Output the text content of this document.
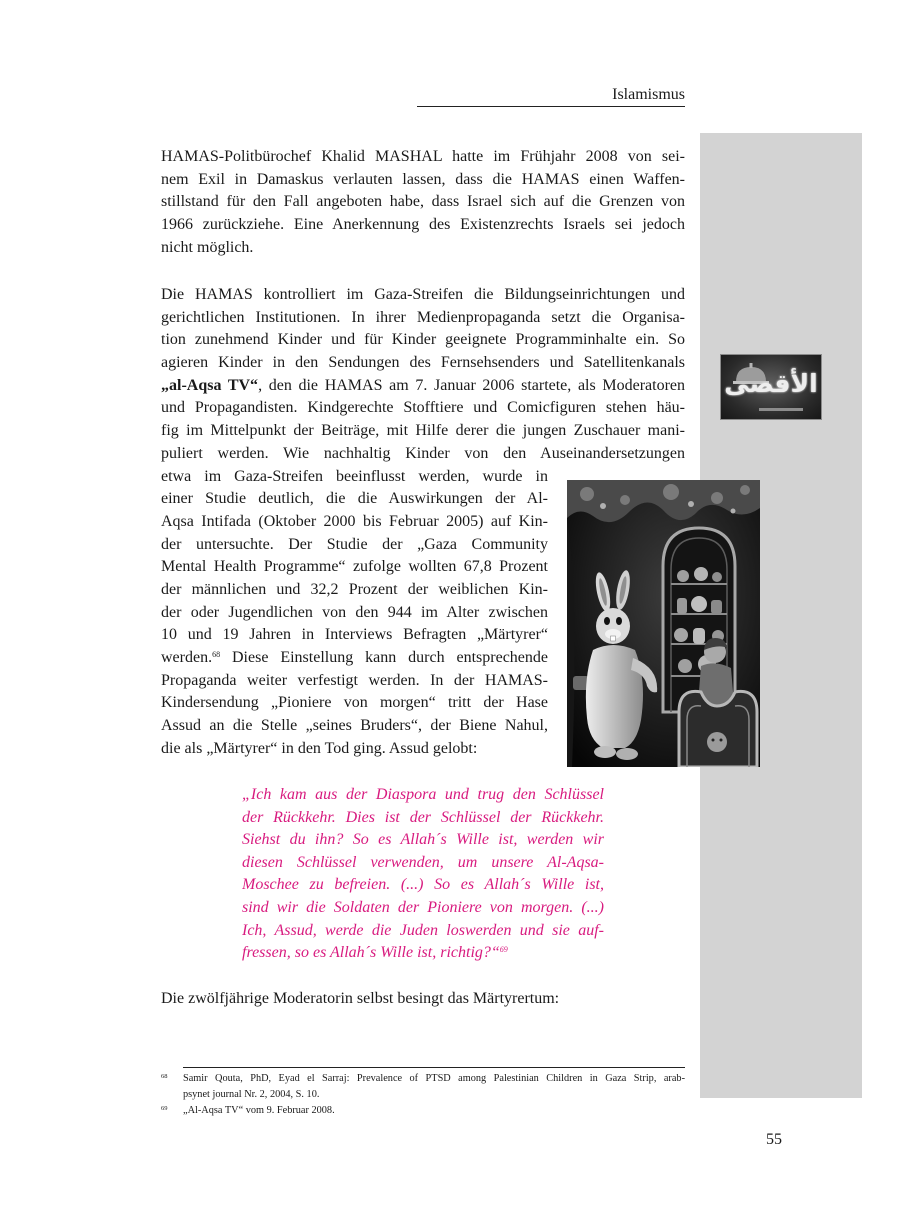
Islamismus
HAMAS-Politbürochef Khalid MASHAL hatte im Frühjahr 2008 von sei-
nem Exil in Damaskus verlauten lassen, dass die HAMAS einen Waffen-
stillstand für den Fall angeboten habe, dass Israel sich auf die Grenzen von
1966 zurückziehe. Eine Anerkennung des Existenzrechts Israels sei jedoch
nicht möglich.
Die HAMAS kontrolliert im Gaza-Streifen die Bildungseinrichtungen und
gerichtlichen Institutionen. In ihrer Medienpropaganda setzt die Organisa-
tion zunehmend Kinder und für Kinder geeignete Programminhalte ein. So
agieren Kinder in den Sendungen des Fernsehsenders und Satellitenkanals
„al-Aqsa TV“, den die HAMAS am 7. Januar 2006 startete, als Moderatoren
und Propagandisten. Kindgerechte Stofftiere und Comicfiguren stehen häu-
fig im Mittelpunkt der Beiträge, mit Hilfe derer die jungen Zuschauer mani-
puliert werden. Wie nachhaltig Kinder von den Auseinandersetzungen
etwa im Gaza-Streifen beeinflusst werden, wurde in
einer Studie deutlich, die die Auswirkungen der Al-
Aqsa Intifada (Oktober 2000 bis Februar 2005) auf Kin-
der untersuchte. Der Studie der „Gaza Community
Mental Health Programme“ zufolge wollten 67,8 Prozent
der männlichen und 32,2 Prozent der weiblichen Kin-
der oder Jugendlichen von den 944 im Alter zwischen
10 und 19 Jahren in Interviews Befragten „Märtyrer“
werden.$^{68}$ Diese Einstellung kann durch entsprechende
Propaganda weiter verfestigt werden. In der HAMAS-
Kindersendung „Pioniere von morgen“ tritt der Hase
Assud an die Stelle „seines Bruders“, der Biene Nahul,
die als „Märtyrer“ in den Tod ging. Assud gelobt:
الأقصى
„Ich kam aus der Diaspora und trug den Schlüssel
der Rückkehr. Dies ist der Schlüssel der Rückkehr.
Siehst du ihn? So es Allah´s Wille ist, werden wir
diesen Schlüssel verwenden, um unsere Al-Aqsa-
Moschee zu befreien. (...) So es Allah´s Wille ist,
sind wir die Soldaten der Pioniere von morgen. (...)
Ich, Assud, werde die Juden loswerden und sie auf-
fressen, so es Allah´s Wille ist, richtig?“$^{69}$
Die zwölfjährige Moderatorin selbst besingt das Märtyrertum:
68 Samir Qouta, PhD, Eyad el Sarraj: Prevalence of PTSD among Palestinian Children in Gaza Strip, arab-
psynet journal Nr. 2, 2004, S. 10.
69 „Al-Aqsa TV“ vom 9. Februar 2008.
55
